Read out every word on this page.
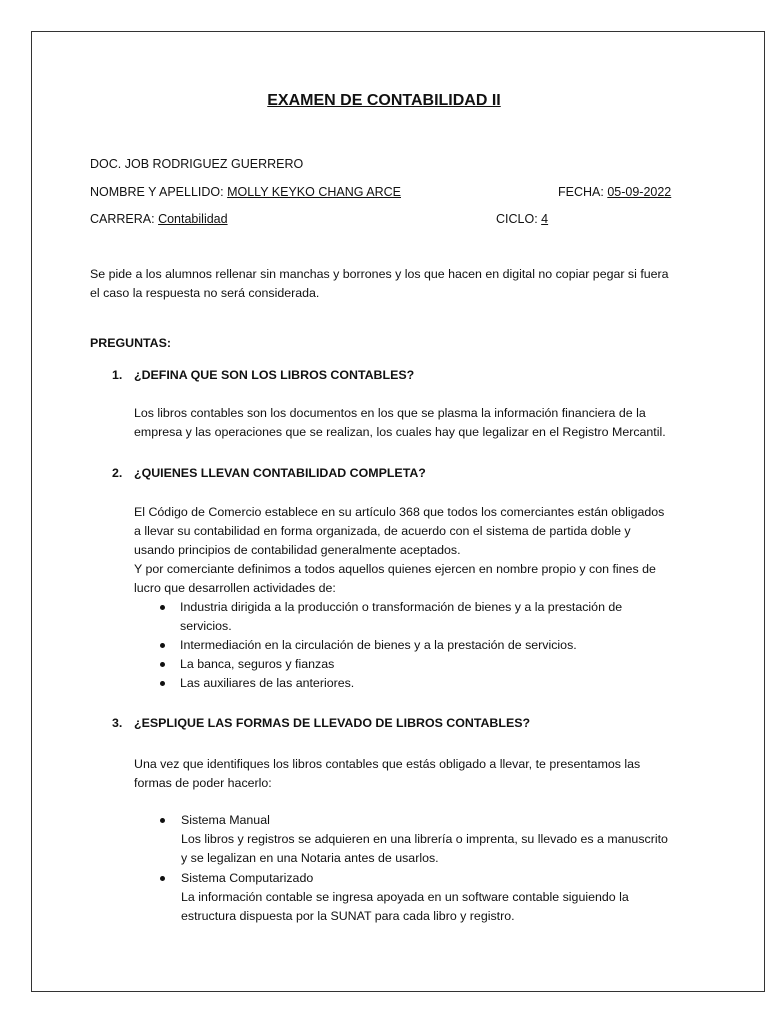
EXAMEN DE CONTABILIDAD II
DOC. JOB RODRIGUEZ GUERRERO
NOMBRE Y APELLIDO: MOLLY KEYKO CHANG ARCE	FECHA: 05-09-2022
CARRERA: Contabilidad	CICLO: 4
Se pide a los alumnos rellenar sin manchas y borrones y los que hacen en digital no copiar pegar si fuera
el caso la respuesta no será considerada.
PREGUNTAS:
1. ¿DEFINA QUE SON LOS LIBROS CONTABLES?
Los libros contables son los documentos en los que se plasma la información financiera de la
empresa y las operaciones que se realizan, los cuales hay que legalizar en el Registro Mercantil.
2. ¿QUIENES LLEVAN CONTABILIDAD COMPLETA?
El Código de Comercio establece en su artículo 368 que todos los comerciantes están obligados
a llevar su contabilidad en forma organizada, de acuerdo con el sistema de partida doble y
usando principios de contabilidad generalmente aceptados.
Y por comerciante definimos a todos aquellos quienes ejercen en nombre propio y con fines de
lucro que desarrollen actividades de:
Industria dirigida a la producción o transformación de bienes y a la prestación de
servicios.
Intermediación en la circulación de bienes y a la prestación de servicios.
La banca, seguros y fianzas
Las auxiliares de las anteriores.
3. ¿ESPLIQUE LAS FORMAS DE LLEVADO DE LIBROS CONTABLES?
Una vez que identifiques los libros contables que estás obligado a llevar, te presentamos las
formas de poder hacerlo:
Sistema Manual
Los libros y registros se adquieren en una librería o imprenta, su llevado es a manuscrito
y se legalizan en una Notaria antes de usarlos.
Sistema Computarizado
La información contable se ingresa apoyada en un software contable siguiendo la
estructura dispuesta por la SUNAT para cada libro y registro.
